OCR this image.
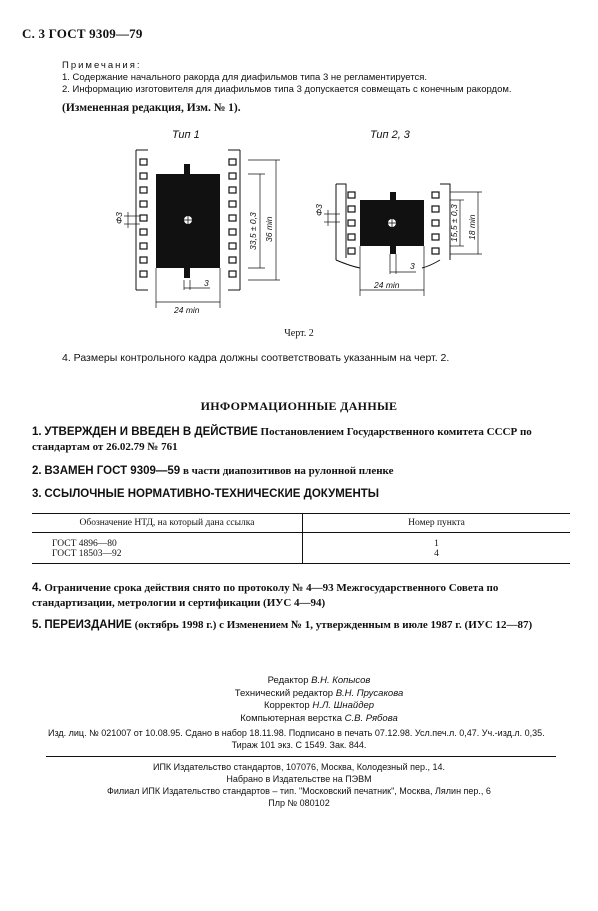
С. 3 ГОСТ 9309—79
Примечания:
1. Содержание начального ракорда для диафильмов типа 3 не регламентируется.
2. Информацию изготовителя для диафильмов типа 3 допускается совмещать с конечным ракордом.
(Измененная редакция, Изм. № 1).
Тип 1	Тип 2, 3
Φ3	33,5 ± 0,3 36 min
3
24 min
Φ3	15,5 ± 0,3 18 min
3
24 min
Черт. 2
4. Размеры контрольного кадра должны соответствовать указанным на черт. 2.
ИНФОРМАЦИОННЫЕ ДАННЫЕ
1. УТВЕРЖДЕН И ВВЕДЕН В ДЕЙСТВИЕ Постановлением Государственного комитета СССР по стандартам от 26.02.79 № 761
2. ВЗАМЕН ГОСТ 9309—59 в части диапозитивов на рулонной пленке
3. ССЫЛОЧНЫЕ НОРМАТИВНО-ТЕХНИЧЕСКИЕ ДОКУМЕНТЫ
Обозначение НТД, на который дана ссылка	Номер пункта
ГОСТ 4896—80	1
ГОСТ 18503—92	4
4. Ограничение срока действия снято по протоколу № 4—93 Межгосударственного Совета по стандартизации, метрологии и сертификации (ИУС 4—94)
5. ПЕРЕИЗДАНИЕ (октябрь 1998 г.) с Изменением № 1, утвержденным в июле 1987 г. (ИУС 12—87)
Редактор В.Н. Копысов
Технический редактор В.Н. Прусакова
Корректор Н.Л. Шнайдер
Компьютерная верстка С.В. Рябова
Изд. лиц. № 021007 от 10.08.95. Сдано в набор 18.11.98. Подписано в печать 07.12.98. Усл.печ.л. 0,47. Уч.-изд.л. 0,35.
Тираж 101 экз. С 1549. Зак. 844.
ИПК Издательство стандартов, 107076, Москва, Колодезный пер., 14.
Набрано в Издательстве на ПЭВМ
Филиал ИПК Издательство стандартов – тип. "Московский печатник", Москва, Лялин пер., 6
Плр № 080102
